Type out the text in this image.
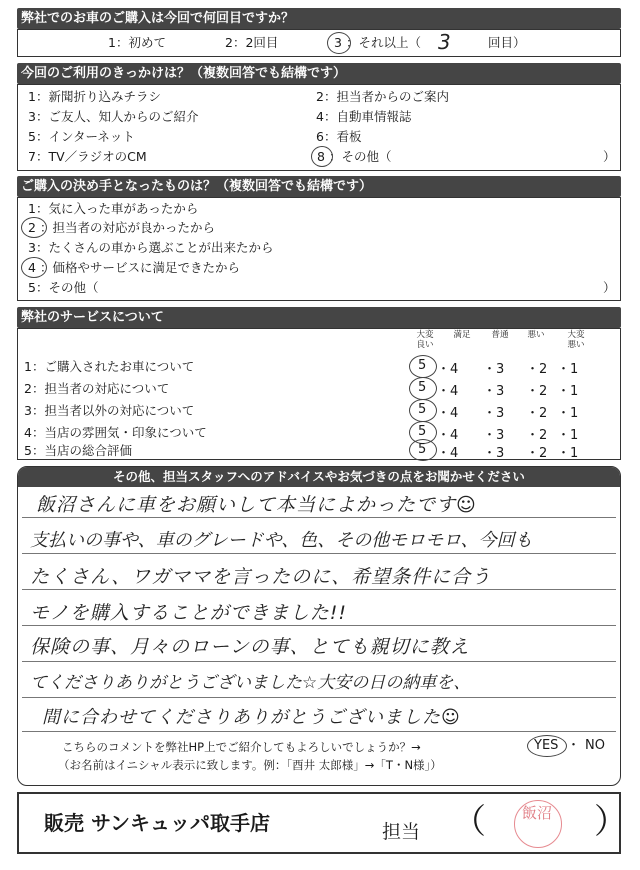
弊社でのお車のご購入は今回で何回目ですか？
1：初めて	2：2回目	3 ：それ以上（ 3	回目）
今回のご利用のきっかけは？（複数回答でも結構です）
1：新聞折り込みチラシ	2：担当者からのご案内
3：ご友人、知人からのご紹介	4：自動車情報誌
5：インターネット	6：看板
7：TV／ラジオのCM	8 ：その他（	）
ご購入の決め手となったものは？（複数回答でも結構です）
1：気に入った車があったから
2 ：担当者の対応が良かったから
3：たくさんの車から選ぶことが出来たから
4 ：価格やサービスに満足できたから
5：その他（	）
弊社のサービスについて
大変良い
満足	普通	悪い	大変悪い
1：ご購入されたお車について	5 ・4 ・3 ・2 ・1
2：担当者の対応について	5 ・4 ・3 ・2 ・1
3：担当者以外の対応について	5 ・4 ・3 ・2 ・1
4：当店の雰囲気・印象について	5 ・4 ・3 ・2 ・1
5：当店の総合評価	5 ・4 ・3 ・2 ・1
その他、担当スタッフへのアドバイスやお気づきの点をお聞かせください
飯沼さんに車をお願いして本当によかったです☺
支払いの事や、車のグレードや、色、その他モロモロ、今回も
たくさん、ワガママを言ったのに、希望条件に合う
モノを購入することができました!!
保険の事、月々のローンの事、とても親切に教え
てくださりありがとうございました☆大安の日の納車を、
間に合わせてくださりありがとうございました☺
こちらのコメントを弊社HP上でご紹介してもよろしいでしょうか？→	YES ・ NO
（お名前はイニシャル表示に致します。例：「酉井 太郎様」→「T・N様」）
販売 サンキュッパ取手店	担当 （	）
飯沼
